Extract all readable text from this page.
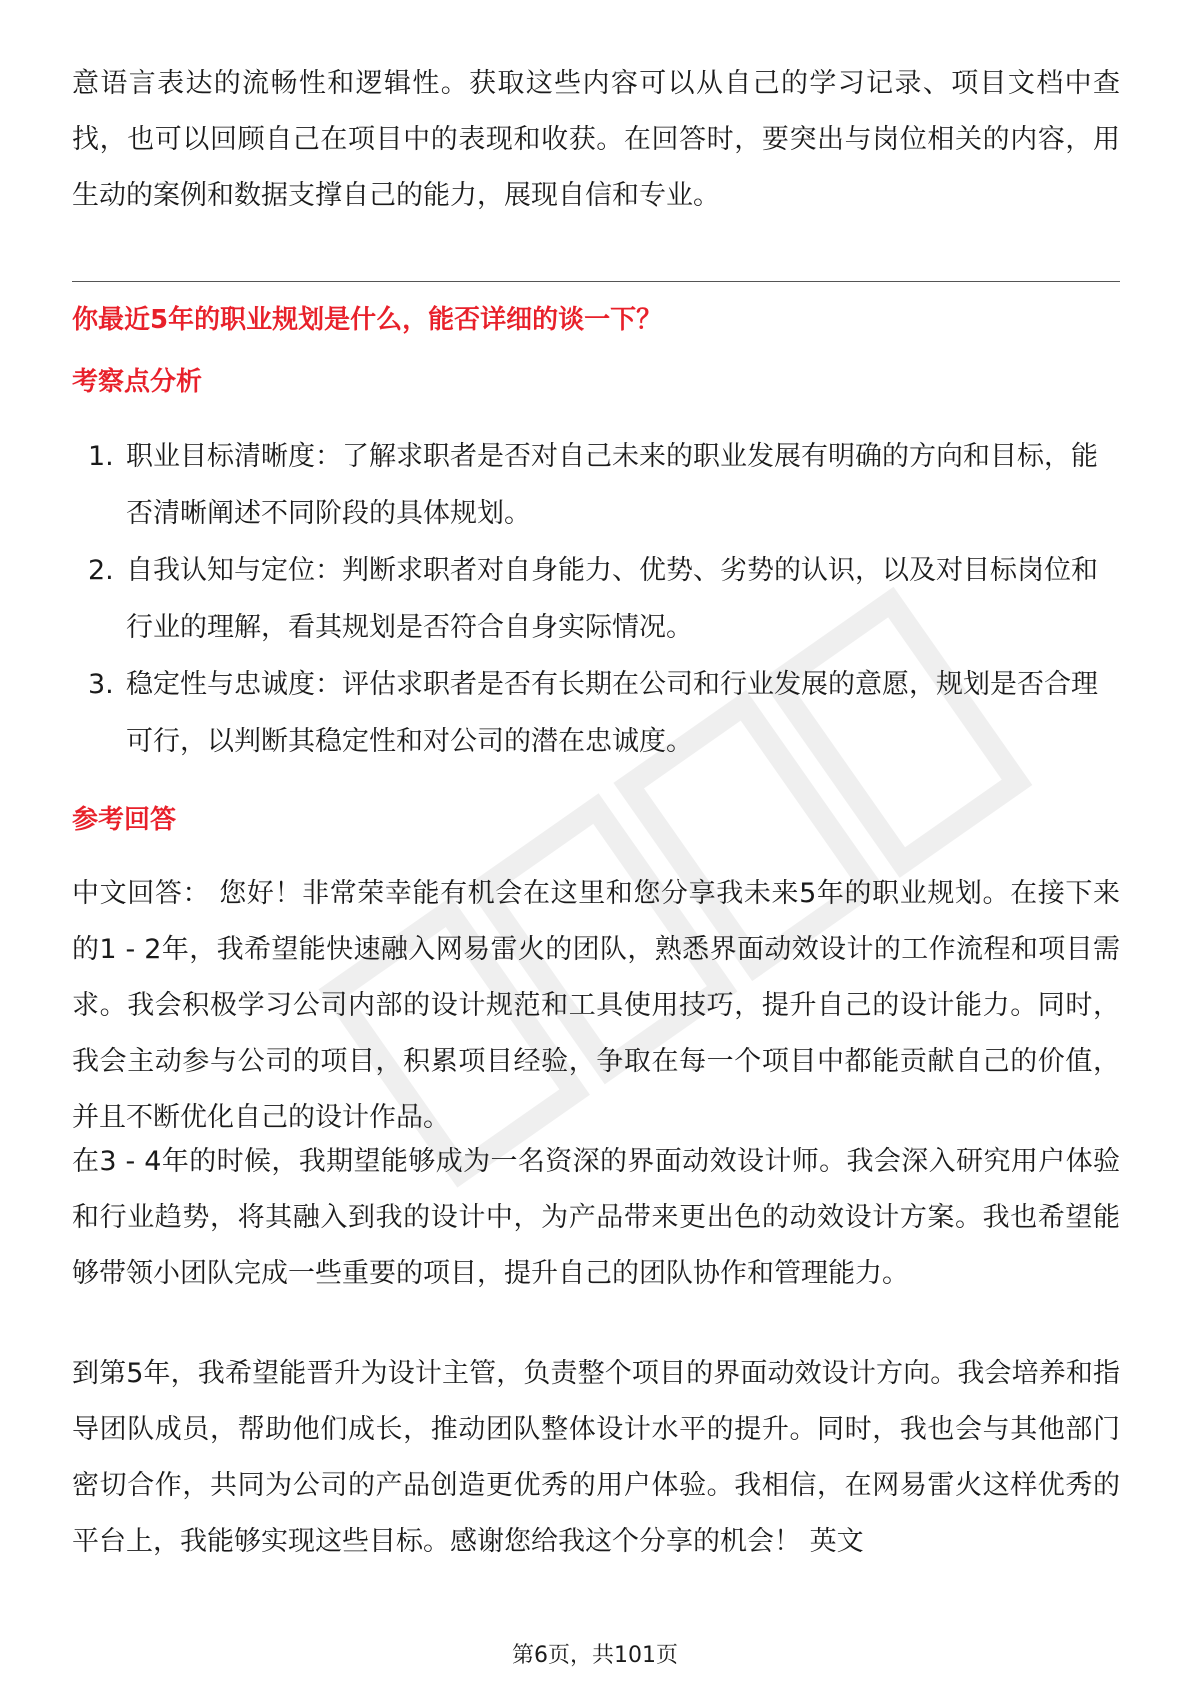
意语言表达的流畅性和逻辑性。获取这些内容可以从自己的学习记录、项目文档中查找，也可以回顾自己在项目中的表现和收获。在回答时，要突出与岗位相关的内容，用生动的案例和数据支撑自己的能力，展现自信和专业。

你最近5年的职业规划是什么，能否详细的谈一下？

考察点分析

1. 职业目标清晰度：了解求职者是否对自己未来的职业发展有明确的方向和目标，能否清晰阐述不同阶段的具体规划。
2. 自我认知与定位：判断求职者对自身能力、优势、劣势的认识，以及对目标岗位和行业的理解，看其规划是否符合自身实际情况。
3. 稳定性与忠诚度：评估求职者是否有长期在公司和行业发展的意愿，规划是否合理可行，以判断其稳定性和对公司的潜在忠诚度。

参考回答

中文回答： 您好！非常荣幸能有机会在这里和您分享我未来5年的职业规划。在接下来的1 - 2年，我希望能快速融入网易雷火的团队，熟悉界面动效设计的工作流程和项目需求。我会积极学习公司内部的设计规范和工具使用技巧，提升自己的设计能力。同时，我会主动参与公司的项目，积累项目经验，争取在每一个项目中都能贡献自己的价值，并且不断优化自己的设计作品。

在3 - 4年的时候，我期望能够成为一名资深的界面动效设计师。我会深入研究用户体验和行业趋势，将其融入到我的设计中，为产品带来更出色的动效设计方案。我也希望能够带领小团队完成一些重要的项目，提升自己的团队协作和管理能力。

到第5年，我希望能晋升为设计主管，负责整个项目的界面动效设计方向。我会培养和指导团队成员，帮助他们成长，推动团队整体设计水平的提升。同时，我也会与其他部门密切合作，共同为公司的产品创造更优秀的用户体验。我相信，在网易雷火这样优秀的平台上，我能够实现这些目标。感谢您给我这个分享的机会！ 英文

第6页，共101页
